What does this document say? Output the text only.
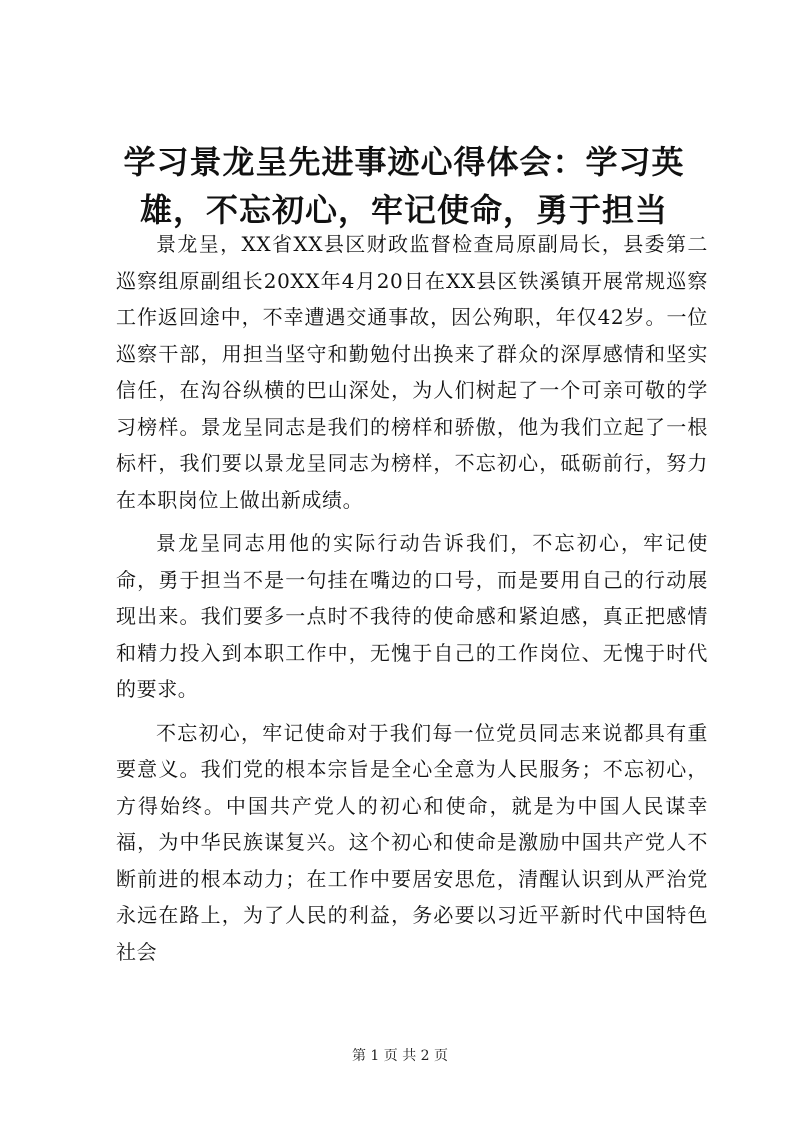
学习景龙呈先进事迹心得体会：学习英雄，不忘初心，牢记使命，勇于担当

景龙呈，XX省XX县区财政监督检查局原副局长，县委第二巡察组原副组长20XX年4月20日在XX县区铁溪镇开展常规巡察工作返回途中，不幸遭遇交通事故，因公殉职，年仅42岁。一位巡察干部，用担当坚守和勤勉付出换来了群众的深厚感情和坚实信任，在沟谷纵横的巴山深处，为人们树起了一个可亲可敬的学习榜样。景龙呈同志是我们的榜样和骄傲，他为我们立起了一根标杆，我们要以景龙呈同志为榜样，不忘初心，砥砺前行，努力在本职岗位上做出新成绩。

景龙呈同志用他的实际行动告诉我们，不忘初心，牢记使命，勇于担当不是一句挂在嘴边的口号，而是要用自己的行动展现出来。我们要多一点时不我待的使命感和紧迫感，真正把感情和精力投入到本职工作中，无愧于自己的工作岗位、无愧于时代的要求。

不忘初心，牢记使命对于我们每一位党员同志来说都具有重要意义。我们党的根本宗旨是全心全意为人民服务；不忘初心，方得始终。中国共产党人的初心和使命，就是为中国人民谋幸福，为中华民族谋复兴。这个初心和使命是激励中国共产党人不断前进的根本动力；在工作中要居安思危，清醒认识到从严治党永远在路上，为了人民的利益，务必要以习近平新时代中国特色社会

第 1 页 共 2 页
